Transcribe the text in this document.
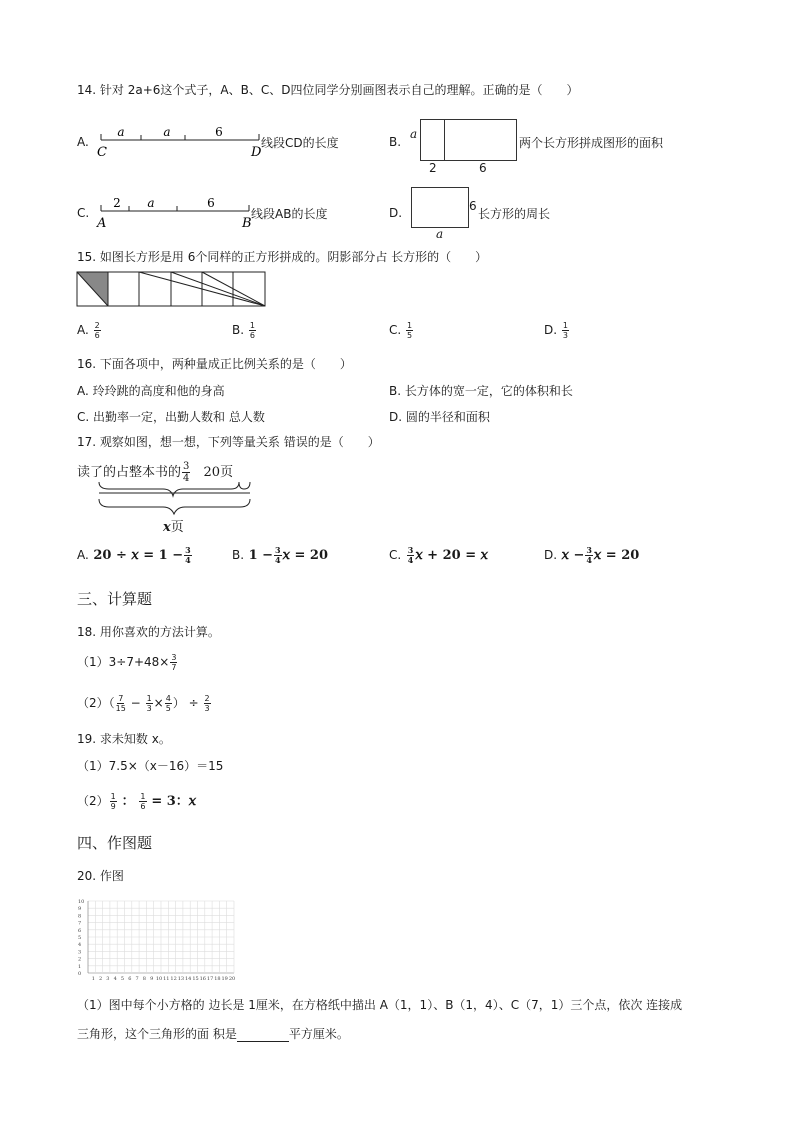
14. 针对 2a+6这个式子，A、B、C、D四位同学分别画图表示自己的理解。正确的是（　　）
A.
a	a	6
C	D
线段CD的长度	B.
a
2	6
两个长方形拼成图形的面积
C.
2 a	6
A	B
线段AB的长度	D.	6
a
长方形的周长
15. 如图长方形是用 6个同样的正方形拼成的。阴影部分占 长方形的（　　）
A. $\frac{2}{6}$	B. $\frac{1}{6}$	C. $\frac{1}{5}$	D. $\frac{1}{3}$
16. 下面各项中，两种量成正比例关系的是（　　）
A. 玲玲跳的高度和他的身高	B. 长方体的宽一定，它的体积和长
C. 出勤率一定，出勤人数和 总人数	D. 圆的半径和面积
17. 观察如图，想一想，下列等量关系 错误的是（　　）
读了的占整本书的 $\frac{3}{4} 20$页
x页
A. 20 ÷ 𝑥 = $1 - \frac{3}{4}$	B. $1 - \frac{3}{4}$ 𝑥 = 20	C. $\frac{3}{4}$ 𝑥 + 20 = 𝑥	D. 𝑥 − $\frac{3}{4}$ 𝑥 = 20
三、计算题
18. 用你喜欢的方法计算。
$(1)3\div 7+48\times \frac{3}{7}$
$(2)( \frac{7}{15} - \frac{1}{3} \times \frac{4}{5}$ ） ÷ $\frac{2}{3}$
19. 求未知数 x。
（1）7.5×（x－16）＝15
$(2) \frac{1}{9}$ ： $\frac{1}{6} = 3$：𝑥
四、作图题
20. 作图
10
9
8
7
6
5
4
3
2
1
0
1 2 3 4 5 6 7 8 9 10 11 12 13 14 15 16 17 18 19 20
（1）图中每个小方格的 边长是 1厘米，在方格纸中描出 A（1，1）、B（1，4）、C（7，1）三个点，依次 连接成
三角形，这个三角形的面 积是	平方厘米。
